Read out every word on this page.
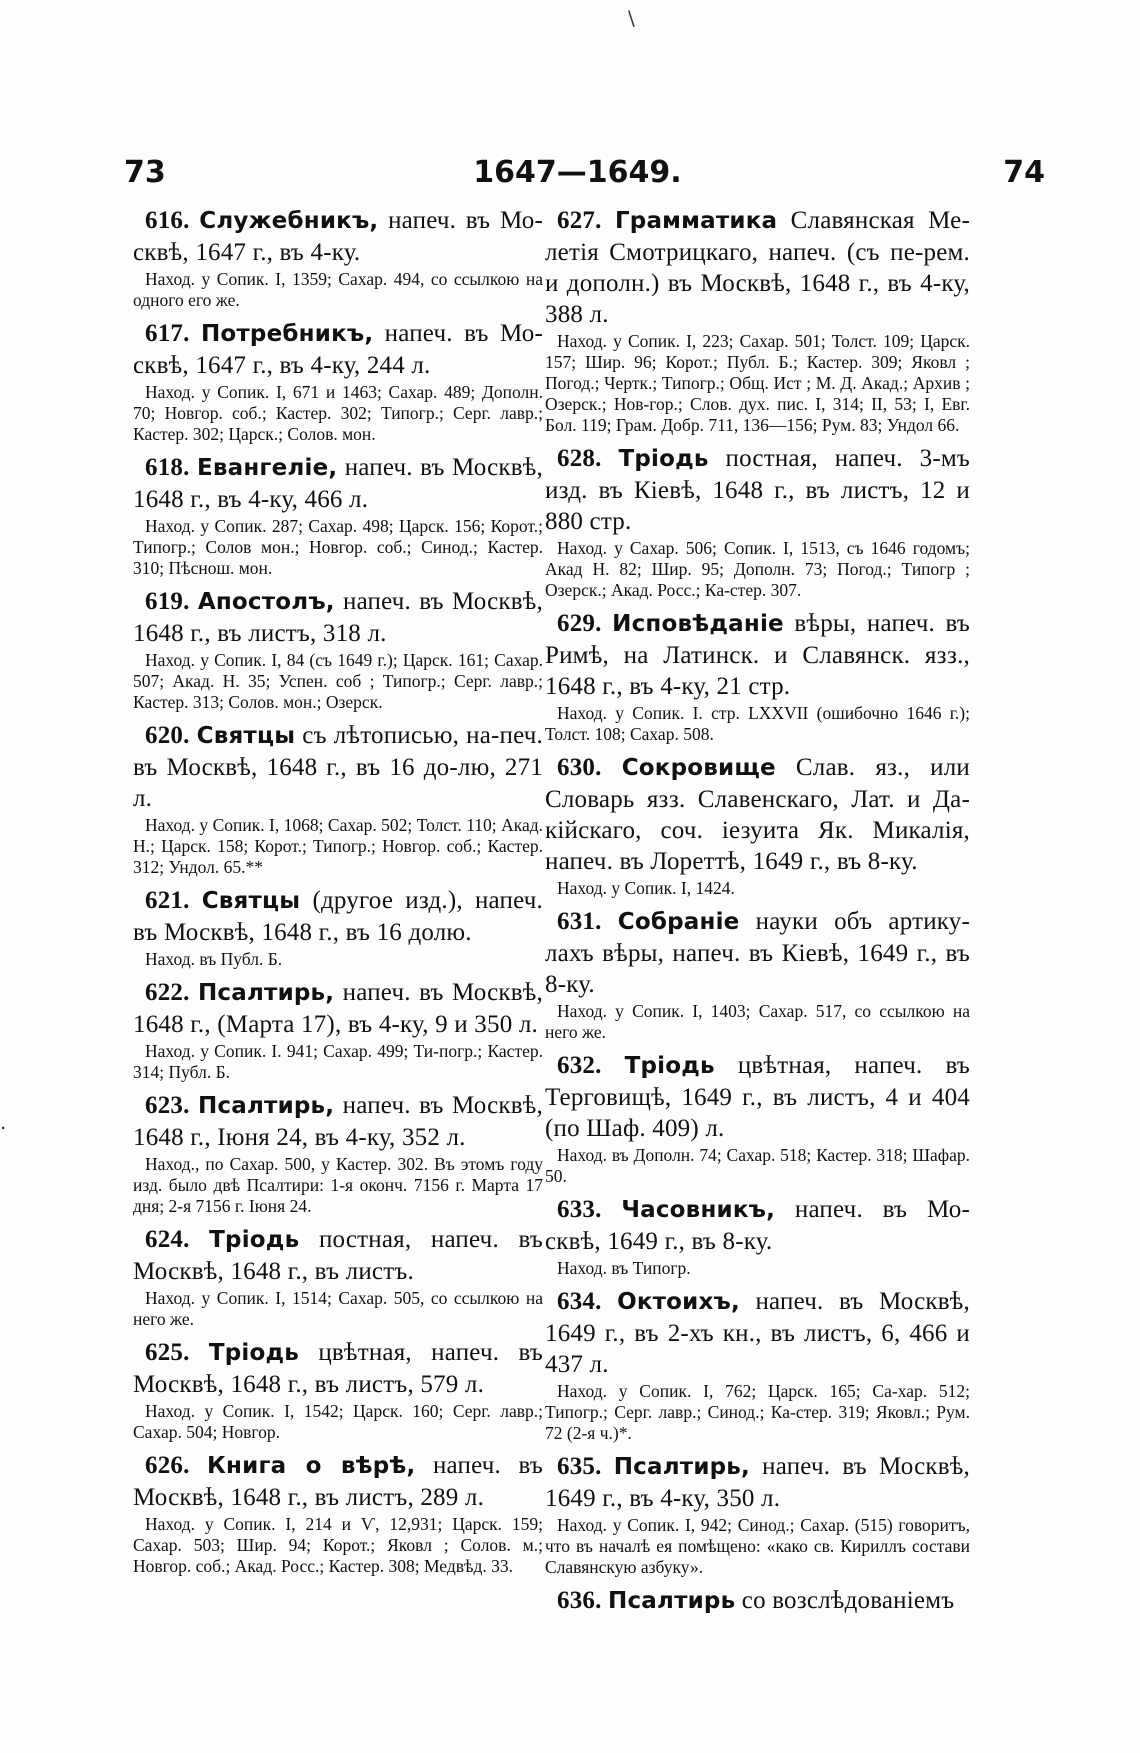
\
.
73	1647—1649.	74

616. Служебникъ, напеч. въ Мо-сквѣ, 1647 г., въ 4-ку.

Наход. у Сопик. I, 1359; Сахар. 494, со ссылкою на одного его же.

617. Потребникъ, напеч. въ Мо-сквѣ, 1647 г., въ 4-ку, 244 л.

Наход. у Сопик. I, 671 и 1463; Сахар. 489; Дополн. 70; Новгор. соб.; Кастер. 302; Типогр.; Серг. лавр.; Кастер. 302; Царск.; Солов. мон.

618. Евангеліе, напеч. въ Москвѣ, 1648 г., въ 4-ку, 466 л.

Наход. у Сопик. 287; Сахар. 498; Царск. 156; Корот.; Типогр.; Солов мон.; Новгор. соб.; Синод.; Кастер. 310; Пѣснош. мон.

619. Апостолъ, напеч. въ Москвѣ, 1648 г., въ листъ, 318 л.

Наход. у Сопик. I, 84 (съ 1649 г.); Царск. 161; Сахар. 507; Акад. Н. 35; Успен. соб ; Типогр.; Серг. лавр.; Кастер. 313; Солов. мон.; Озерск.

620. Святцы съ лѣтописью, на-печ. въ Москвѣ, 1648 г., въ 16 до-лю, 271 л.

Наход. у Сопик. I, 1068; Сахар. 502; Толст. 110; Акад. Н.; Царск. 158; Корот.; Типогр.; Новгор. соб.; Кастер. 312; Ундол. 65.**

621. Святцы (другое изд.), напеч. въ Москвѣ, 1648 г., въ 16 долю.

Наход. въ Публ. Б.

622. Псалтирь, напеч. въ Москвѣ, 1648 г., (Марта 17), въ 4-ку, 9 и 350 л.

Наход. у Сопик. I. 941; Сахар. 499; Ти-погр.; Кастер. 314; Публ. Б.

623. Псалтирь, напеч. въ Москвѣ, 1648 г., Іюня 24, въ 4-ку, 352 л.

Наход., по Сахар. 500, у Кастер. 302. Въ этомъ году изд. было двѣ Псалтири: 1-я оконч. 7156 г. Марта 17 дня; 2-я 7156 г. Іюня 24.

624. Тріодь постная, напеч. въ Москвѣ, 1648 г., въ листъ.

Наход. у Сопик. I, 1514; Сахар. 505, со ссылкою на него же.

625. Тріодь цвѣтная, напеч. въ Москвѣ, 1648 г., въ листъ, 579 л.

Наход. у Сопик. I, 1542; Царск. 160; Серг. лавр.; Сахар. 504; Новгор.

626. Книга о вѣрѣ, напеч. въ Москвѣ, 1648 г., въ листъ, 289 л.

Наход. у Сопик. I, 214 и Ѵ, 12,931; Царск. 159; Сахар. 503; Шир. 94; Корот.; Яковл ; Солов. м.; Новгор. соб.; Акад. Росс.; Кастер. 308; Медвѣд. 33.

627. Грамматика Славянская Ме-летія Смотрицкаго, напеч. (съ пе-рем. и дополн.) въ Москвѣ, 1648 г., въ 4-ку, 388 л.

Наход. у Сопик. I, 223; Сахар. 501; Толст. 109; Царск. 157; Шир. 96; Корот.; Публ. Б.; Кастер. 309; Яковл ; Погод.; Чертк.; Типогр.; Общ. Ист ; М. Д. Акад.; Архив ; Озерск.; Нов-гор.; Слов. дух. пис. I, 314; II, 53; I, Евг. Бол. 119; Грам. Добр. 711, 136—156; Рум. 83; Ундол 66.

628. Тріодь постная, напеч. 3-мъ изд. въ Кіевѣ, 1648 г., въ листъ, 12 и 880 стр.

Наход. у Сахар. 506; Сопик. I, 1513, съ 1646 годомъ; Акад Н. 82; Шир. 95; Дополн. 73; Погод.; Типогр ; Озерск.; Акад. Росс.; Ка-стер. 307.

629. Исповѣданіе вѣры, напеч. въ Римѣ, на Латинск. и Славянск. язз., 1648 г., въ 4-ку, 21 стр.

Наход. у Сопик. I. стр. LXXVII (ошибочно 1646 г.); Толст. 108; Сахар. 508.

630. Сокровище Слав. яз., или Словарь язз. Славенскаго, Лат. и Да-кійскаго, соч. іезуита Як. Микалія, напеч. въ Лореттѣ, 1649 г., въ 8-ку.

Наход. у Сопик. I, 1424.

631. Собраніе науки объ артику-лахъ вѣры, напеч. въ Кіевѣ, 1649 г., въ 8-ку.

Наход. у Сопик. I, 1403; Сахар. 517, со ссылкою на него же.

632. Тріодь цвѣтная, напеч. въ Терговищѣ, 1649 г., въ листъ, 4 и 404 (по Шаф. 409) л.

Наход. въ Дополн. 74; Сахар. 518; Кастер. 318; Шафар. 50.

633. Часовникъ, напеч. въ Мо-сквѣ, 1649 г., въ 8-ку.

Наход. въ Типогр.

634. Октоихъ, напеч. въ Москвѣ, 1649 г., въ 2-хъ кн., въ листъ, 6, 466 и 437 л.

Наход. у Сопик. I, 762; Царск. 165; Са-хар. 512; Типогр.; Серг. лавр.; Синод.; Ка-стер. 319; Яковл.; Рум. 72 (2-я ч.)*.

635. Псалтирь, напеч. въ Москвѣ, 1649 г., въ 4-ку, 350 л.

Наход. у Сопик. I, 942; Синод.; Сахар. (515) говоритъ, что въ началѣ ея помѣщено: «како св. Кириллъ состави Славянскую азбуку».

636. Псалтирь со возслѣдованіемъ
